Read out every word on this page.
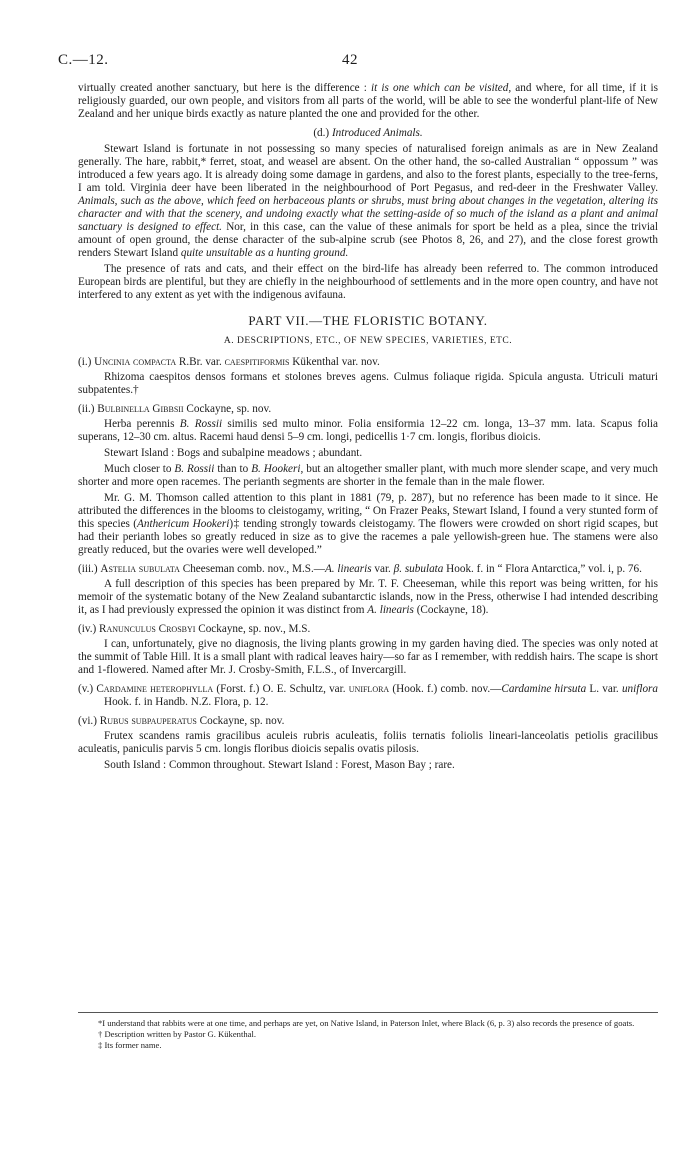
42
C.—12.

virtually created another sanctuary, but here is the difference : it is one which can be visited, and where, for all time, if it is religiously guarded, our own people, and visitors from all parts of the world, will be able to see the wonderful plant-life of New Zealand and her unique birds exactly as nature planted the one and provided for the other.

(d.) Introduced Animals.

Stewart Island is fortunate in not possessing so many species of naturalised foreign animals as are in New Zealand generally. The hare, rabbit,* ferret, stoat, and weasel are absent. On the other hand, the so-called Australian “ oppossum ” was introduced a few years ago. It is already doing some damage in gardens, and also to the forest plants, especially to the tree-ferns, I am told. Virginia deer have been liberated in the neighbourhood of Port Pegasus, and red-deer in the Freshwater Valley. Animals, such as the above, which feed on herbaceous plants or shrubs, must bring about changes in the vegetation, altering its character and with that the scenery, and undoing exactly what the setting-aside of so much of the island as a plant and animal sanctuary is designed to effect. Nor, in this case, can the value of these animals for sport be held as a plea, since the trivial amount of open ground, the dense character of the sub-alpine scrub (see Photos 8, 26, and 27), and the close forest growth renders Stewart Island quite unsuitable as a hunting ground.

The presence of rats and cats, and their effect on the bird-life has already been referred to. The common introduced European birds are plentiful, but they are chiefly in the neighbourhood of settlements and in the more open country, and have not interfered to any extent as yet with the indigenous avifauna.

PART VII.—THE FLORISTIC BOTANY.

A. DESCRIPTIONS, ETC., OF NEW SPECIES, VARIETIES, ETC.

(i.) Uncinia compacta R.Br. var. caespitiformis Kükenthal var. nov.

Rhizoma caespitos densos formans et stolones breves agens. Culmus foliaque rigida. Spicula angusta. Utriculi maturi subpatentes.†

(ii.) Bulbinella Gibbsii Cockayne, sp. nov.

Herba perennis B. Rossii similis sed multo minor. Folia ensiformia 12–22 cm. longa, 13–37 mm. lata. Scapus folia superans, 12–30 cm. altus. Racemi haud densi 5–9 cm. longi, pedicellis 1·7 cm. longis, floribus dioicis.

Stewart Island : Bogs and subalpine meadows ; abundant.

Much closer to B. Rossii than to B. Hookeri, but an altogether smaller plant, with much more slender scape, and very much shorter and more open racemes. The perianth segments are shorter in the female than in the male flower.

Mr. G. M. Thomson called attention to this plant in 1881 (79, p. 287), but no reference has been made to it since. He attributed the differences in the blooms to cleistogamy, writing, “ On Frazer Peaks, Stewart Island, I found a very stunted form of this species (Anthericum Hookeri)‡ tending strongly towards cleistogamy. The flowers were crowded on short rigid scapes, but had their perianth lobes so greatly reduced in size as to give the racemes a pale yellowish-green hue. The stamens were also greatly reduced, but the ovaries were well developed.”

(iii.) Astelia subulata Cheeseman comb. nov., M.S.—A. linearis var. β. subulata Hook. f. in “ Flora Antarctica,” vol. i, p. 76.

A full description of this species has been prepared by Mr. T. F. Cheeseman, while this report was being written, for his memoir of the systematic botany of the New Zealand subantarctic islands, now in the Press, otherwise I had intended describing it, as I had previously expressed the opinion it was distinct from A. linearis (Cockayne, 18).

(iv.) Ranunculus Crosbyi Cockayne, sp. nov., M.S.

I can, unfortunately, give no diagnosis, the living plants growing in my garden having died. The species was only noted at the summit of Table Hill. It is a small plant with radical leaves hairy—so far as I remember, with reddish hairs. The scape is short and 1-flowered. Named after Mr. J. Crosby-Smith, F.L.S., of Invercargill.

(v.) Cardamine heterophylla (Forst. f.) O. E. Schultz, var. uniflora (Hook. f.) comb. nov.—Cardamine hirsuta L. var. uniflora Hook. f. in Handb. N.Z. Flora, p. 12.

(vi.) Rubus subpauperatus Cockayne, sp. nov.

Frutex scandens ramis gracilibus aculeis rubris aculeatis, foliis ternatis foliolis lineari-lanceolatis petiolis gracilibus aculeatis, paniculis parvis 5 cm. longis floribus dioicis sepalis ovatis pilosis.

South Island : Common throughout. Stewart Island : Forest, Mason Bay ; rare.

*I understand that rabbits were at one time, and perhaps are yet, on Native Island, in Paterson Inlet, where Black (6, p. 3) also records the presence of goats.

† Description written by Pastor G. Kükenthal.

‡ Its former name.
